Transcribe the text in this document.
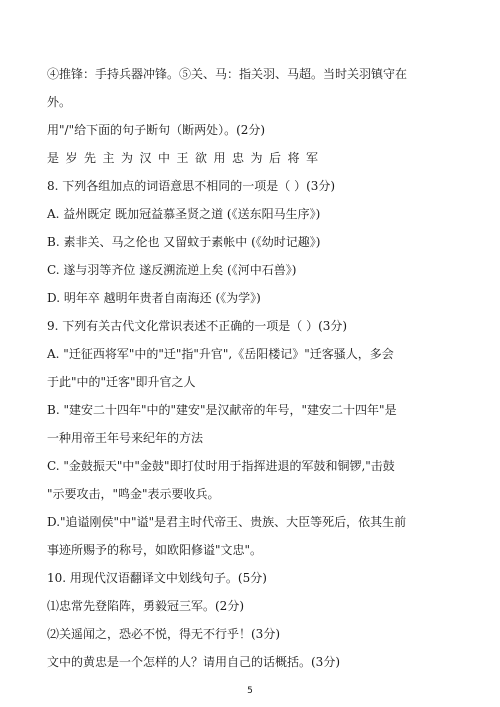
④推锋：手持兵器冲锋。⑤关、马：指关羽、马超。当时关羽镇守在
外。
用"/"给下面的句子断句（断两处）。(2分)
是岁先主为汉中王欲用忠为后将军
8. 下列各组加点的词语意思不相同的一项是（ ）(3分)
A. 益州既定 既加冠益慕圣贤之道 (《送东阳马生序》)
B. 素非关、马之伦也 又留蚊于素帐中 (《幼时记趣》)
C. 遂与羽等齐位 遂反溯流逆上矣 (《河中石兽》)
D. 明年卒 越明年贵者自南海还 (《为学》)
9. 下列有关古代文化常识表述不正确的一项是（ ）(3分)
A. "迁征西将军"中的"迁"指"升官",《岳阳楼记》"迁客骚人，多会
于此"中的"迁客"即升官之人
B. "建安二十四年"中的"建安"是汉献帝的年号，"建安二十四年"是
一种用帝王年号来纪年的方法
C. "金鼓振天"中"金鼓"即打仗时用于指挥进退的军鼓和铜锣,"击鼓
"示要攻击，"鸣金"表示要收兵。
D."追谥刚侯"中"谥"是君主时代帝王、贵族、大臣等死后，依其生前
事迹所赐予的称号，如欧阳修谥"文忠"。
10. 用现代汉语翻译文中划线句子。(5分)
⑴忠常先登陷阵，勇毅冠三军。(2分)
⑵关遥闻之，恐必不悦，得无不行乎！(3分)
文中的黄忠是一个怎样的人？请用自己的话概括。(3分)
5
